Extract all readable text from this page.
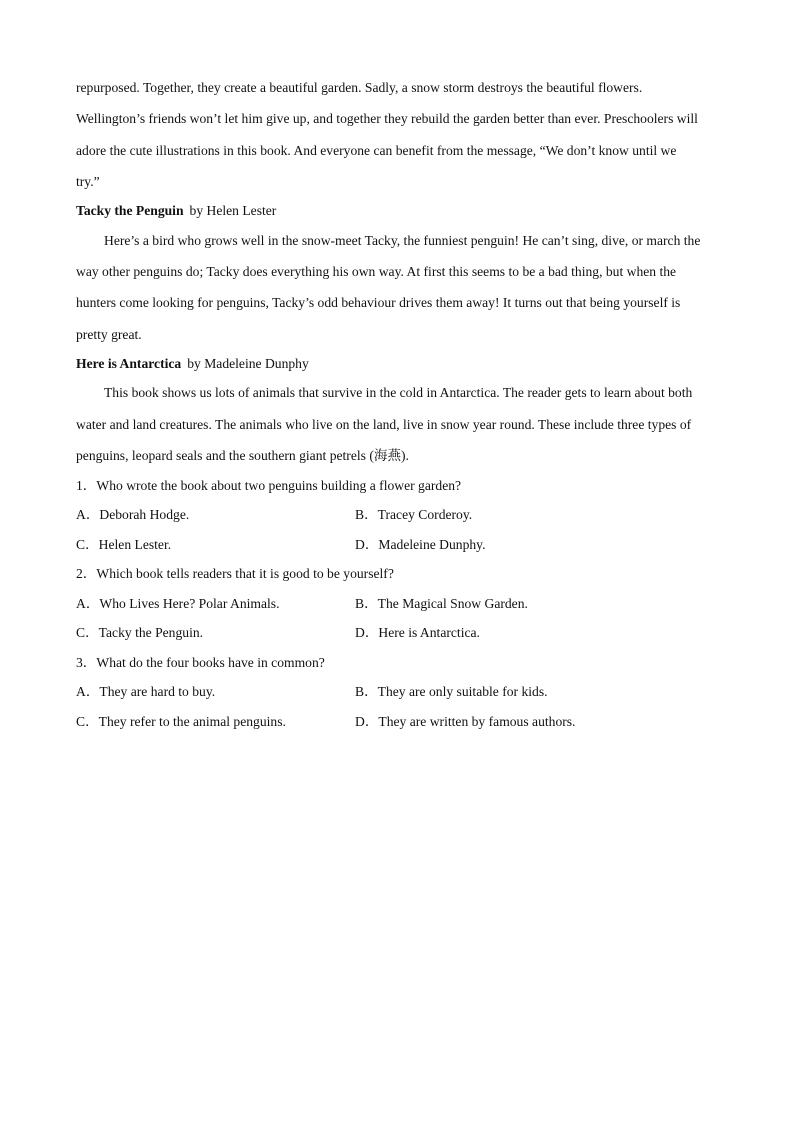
repurposed. Together, they create a beautiful garden. Sadly, a snow storm destroys the beautiful flowers.
Wellington’s friends won’t let him give up, and together they rebuild the garden better than ever. Preschoolers will
adore the cute illustrations in this book. And everyone can benefit from the message, “We don’t know until we
try.”
Tacky the Penguin by Helen Lester
Here’s a bird who grows well in the snow-meet Tacky, the funniest penguin! He can’t sing, dive, or march the
way other penguins do; Tacky does everything his own way. At first this seems to be a bad thing, but when the
hunters come looking for penguins, Tacky’s odd behaviour drives them away! It turns out that being yourself is
pretty great.
Here is Antarctica by Madeleine Dunphy
This book shows us lots of animals that survive in the cold in Antarctica. The reader gets to learn about both
water and land creatures. The animals who live on the land, live in snow year round. These include three types of
penguins, leopard seals and the southern giant petrels (海燕).
1．Who wrote the book about two penguins building a flower garden?
A．Deborah Hodge.	B．Tracey Corderoy.
C．Helen Lester.	D．Madeleine Dunphy.
2．Which book tells readers that it is good to be yourself?
A．Who Lives Here? Polar Animals.	B．The Magical Snow Garden.
C．Tacky the Penguin.	D．Here is Antarctica.
3．What do the four books have in common?
A．They are hard to buy.	B．They are only suitable for kids.
C．They refer to the animal penguins.	D．They are written by famous authors.
